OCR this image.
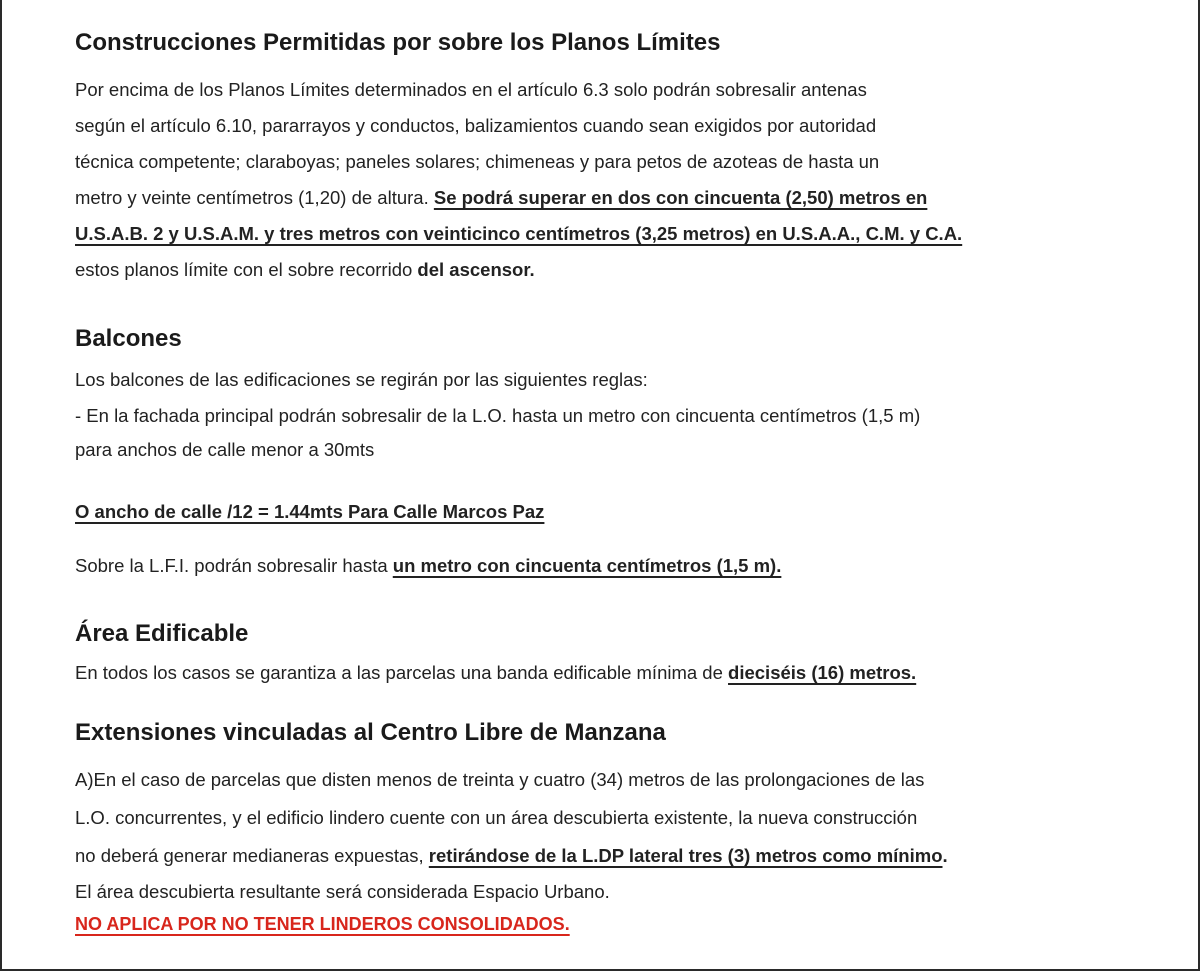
Construcciones Permitidas por sobre los Planos Límites

Por encima de los Planos Límites determinados en el artículo 6.3 solo podrán sobresalir antenas

según el artículo 6.10, pararrayos y conductos, balizamientos cuando sean exigidos por autoridad

técnica competente; claraboyas; paneles solares; chimeneas y para petos de azoteas de hasta un

metro y veinte centímetros (1,20) de altura. Se podrá superar en dos con cincuenta (2,50) metros en

U.S.A.B. 2 y U.S.A.M. y tres metros con veinticinco centímetros (3,25 metros) en U.S.A.A., C.M. y C.A.

estos planos límite con el sobre recorrido del ascensor.

Balcones

Los balcones de las edificaciones se regirán por las siguientes reglas:

- En la fachada principal podrán sobresalir de la L.O. hasta un metro con cincuenta centímetros (1,5 m)

para anchos de calle menor a 30mts

O ancho de calle /12 = 1.44mts Para Calle Marcos Paz

Sobre la L.F.I. podrán sobresalir hasta un metro con cincuenta centímetros (1,5 m).

Área Edificable

En todos los casos se garantiza a las parcelas una banda edificable mínima de dieciséis (16) metros.

Extensiones vinculadas al Centro Libre de Manzana

A)En el caso de parcelas que disten menos de treinta y cuatro (34) metros de las prolongaciones de las

L.O. concurrentes, y el edificio lindero cuente con un área descubierta existente, la nueva construcción

no deberá generar medianeras expuestas, retirándose de la L.DP lateral tres (3) metros como mínimo.

El área descubierta resultante será considerada Espacio Urbano.

NO APLICA POR NO TENER LINDEROS CONSOLIDADOS.
